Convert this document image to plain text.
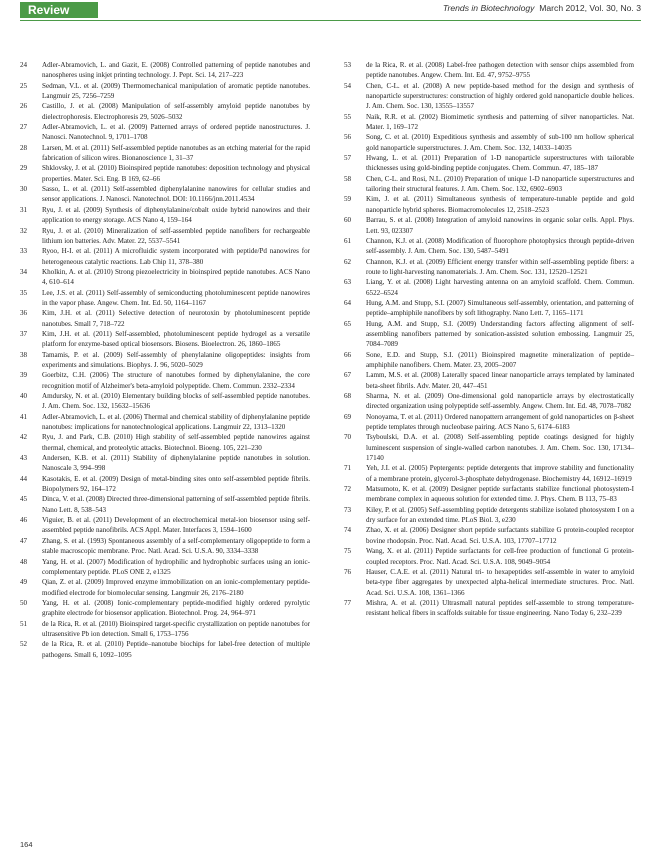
Review	Trends in Biotechnology March 2012, Vol. 30, No. 3

24	Adler-Abramovich, L. and Gazit, E. (2008) Controlled patterning of peptide nanotubes and nanospheres using inkjet printing technology. J. Pept. Sci. 14, 217–223

25	Sedman, V.L. et al. (2009) Thermomechanical manipulation of aromatic peptide nanotubes. Langmuir 25, 7256–7259

26	Castillo, J. et al. (2008) Manipulation of self-assembly amyloid peptide nanotubes by dielectrophoresis. Electrophoresis 29, 5026–5032

27	Adler-Abramovich, L. et al. (2009) Patterned arrays of ordered peptide nanostructures. J. Nanosci. Nanotechnol. 9, 1701–1708

28	Larsen, M. et al. (2011) Self-assembled peptide nanotubes as an etching material for the rapid fabrication of silicon wires. Bionanoscience 1, 31–37

29	Shklovsky, J. et al. (2010) Bioinspired peptide nanotubes: deposition technology and physical properties. Mater. Sci. Eng. B 169, 62–66

30	Sasso, L. et al. (2011) Self-assembled diphenylalanine nanowires for cellular studies and sensor applications. J. Nanosci. Nanotechnol. DOI: 10.1166/jnn.2011.4534

31	Ryu, J. et al. (2009) Synthesis of diphenylalanine/cobalt oxide hybrid nanowires and their application to energy storage. ACS Nano 4, 159–164

32	Ryu, J. et al. (2010) Mineralization of self-assembled peptide nanofibers for rechargeable lithium ion batteries. Adv. Mater. 22, 5537–5541

33	Ryoo, H-I. et al. (2011) A microfluidic system incorporated with peptide/Pd nanowires for heterogeneous catalytic reactions. Lab Chip 11, 378–380

34	Kholkin, A. et al. (2010) Strong piezoelectricity in bioinspired peptide nanotubes. ACS Nano 4, 610–614

35	Lee, J.S. et al. (2011) Self-assembly of semiconducting photoluminescent peptide nanowires in the vapor phase. Angew. Chem. Int. Ed. 50, 1164–1167

36	Kim, J.H. et al. (2011) Selective detection of neurotoxin by photoluminescent peptide nanotubes. Small 7, 718–722

37	Kim, J.H. et al. (2011) Self-assembled, photoluminescent peptide hydrogel as a versatile platform for enzyme-based optical biosensors. Biosens. Bioelectron. 26, 1860–1865

38	Tamamis, P. et al. (2009) Self-assembly of phenylalanine oligopeptides: insights from experiments and simulations. Biophys. J. 96, 5020–5029

39	Goerbitz, C.H. (2006) The structure of nanotubes formed by diphenylalanine, the core recognition motif of Alzheimer's beta-amyloid polypeptide. Chem. Commun. 2332–2334

40	Amdursky, N. et al. (2010) Elementary building blocks of self-assembled peptide nanotubes. J. Am. Chem. Soc. 132, 15632–15636

41	Adler-Abramovich, L. et al. (2006) Thermal and chemical stability of diphenylalanine peptide nanotubes: implications for nanotechnological applications. Langmuir 22, 1313–1320

42	Ryu, J. and Park, C.B. (2010) High stability of self-assembled peptide nanowires against thermal, chemical, and proteolytic attacks. Biotechnol. Bioeng. 105, 221–230

43	Andersen, K.B. et al. (2011) Stability of diphenylalanine peptide nanotubes in solution. Nanoscale 3, 994–998

44	Kasotakis, E. et al. (2009) Design of metal-binding sites onto self-assembled peptide fibrils. Biopolymers 92, 164–172

45	Dinca, V. et al. (2008) Directed three-dimensional patterning of self-assembled peptide fibrils. Nano Lett. 8, 538–543

46	Viguier, B. et al. (2011) Development of an electrochemical metal-ion biosensor using self-assembled peptide nanofibrils. ACS Appl. Mater. Interfaces 3, 1594–1600

47	Zhang, S. et al. (1993) Spontaneous assembly of a self-complementary oligopeptide to form a stable macroscopic membrane. Proc. Natl. Acad. Sci. U.S.A. 90, 3334–3338

48	Yang, H. et al. (2007) Modification of hydrophilic and hydrophobic surfaces using an ionic-complementary peptide. PLoS ONE 2, e1325

49	Qian, Z. et al. (2009) Improved enzyme immobilization on an ionic-complementary peptide-modified electrode for biomolecular sensing. Langmuir 26, 2176–2180

50	Yang, H. et al. (2008) Ionic-complementary peptide-modified highly ordered pyrolytic graphite electrode for biosensor application. Biotechnol. Prog. 24, 964–971

51	de la Rica, R. et al. (2010) Bioinspired target-specific crystallization on peptide nanotubes for ultrasensitive Pb ion detection. Small 6, 1753–1756

52	de la Rica, R. et al. (2010) Peptide–nanotube biochips for label-free detection of multiple pathogens. Small 6, 1092–1095

53	de la Rica, R. et al. (2008) Label-free pathogen detection with sensor chips assembled from peptide nanotubes. Angew. Chem. Int. Ed. 47, 9752–9755

54	Chen, C-L. et al. (2008) A new peptide-based method for the design and synthesis of nanoparticle superstructures: construction of highly ordered gold nanoparticle double helices. J. Am. Chem. Soc. 130, 13555–13557

55	Naik, R.R. et al. (2002) Biomimetic synthesis and patterning of silver nanoparticles. Nat. Mater. 1, 169–172

56	Song, C. et al. (2010) Expeditious synthesis and assembly of sub-100 nm hollow spherical gold nanoparticle superstructures. J. Am. Chem. Soc. 132, 14033–14035

57	Hwang, L. et al. (2011) Preparation of 1-D nanoparticle superstructures with tailorable thicknesses using gold-binding peptide conjugates. Chem. Commun. 47, 185–187

58	Chen, C-L. and Rosi, N.L. (2010) Preparation of unique 1-D nanoparticle superstructures and tailoring their structural features. J. Am. Chem. Soc. 132, 6902–6903

59	Kim, J. et al. (2011) Simultaneous synthesis of temperature-tunable peptide and gold nanoparticle hybrid spheres. Biomacromolecules 12, 2518–2523

60	Barrau, S. et al. (2008) Integration of amyloid nanowires in organic solar cells. Appl. Phys. Lett. 93, 023307

61	Channon, K.J. et al. (2008) Modification of fluorophore photophysics through peptide-driven self-assembly. J. Am. Chem. Soc. 130, 5487–5491

62	Channon, K.J. et al. (2009) Efficient energy transfer within self-assembling peptide fibers: a route to light-harvesting nanomaterials. J. Am. Chem. Soc. 131, 12520–12521

63	Liang, Y. et al. (2008) Light harvesting antenna on an amyloid scaffold. Chem. Commun. 6522–6524

64	Hung, A.M. and Stupp, S.I. (2007) Simultaneous self-assembly, orientation, and patterning of peptide–amphiphile nanofibers by soft lithography. Nano Lett. 7, 1165–1171

65	Hung, A.M. and Stupp, S.I. (2009) Understanding factors affecting alignment of self-assembling nanofibers patterned by sonication-assisted solution embossing. Langmuir 25, 7084–7089

66	Sone, E.D. and Stupp, S.I. (2011) Bioinspired magnetite mineralization of peptide–amphiphile nanofibers. Chem. Mater. 23, 2005–2007

67	Lamm, M.S. et al. (2008) Laterally spaced linear nanoparticle arrays templated by laminated beta-sheet fibrils. Adv. Mater. 20, 447–451

68	Sharma, N. et al. (2009) One-dimensional gold nanoparticle arrays by electrostatically directed organization using polypeptide self-assembly. Angew. Chem. Int. Ed. 48, 7078–7082

69	Nonoyama, T. et al. (2011) Ordered nanopattern arrangement of gold nanoparticles on β-sheet peptide templates through nucleobase pairing. ACS Nano 5, 6174–6183

70	Tsyboulski, D.A. et al. (2008) Self-assembling peptide coatings designed for highly luminescent suspension of single-walled carbon nanotubes. J. Am. Chem. Soc. 130, 17134–17140

71	Yeh, J.I. et al. (2005) Peptergents: peptide detergents that improve stability and functionality of a membrane protein, glycerol-3-phosphate dehydrogenase. Biochemistry 44, 16912–16919

72	Matsumoto, K. et al. (2009) Designer peptide surfactants stabilize functional photosystem-I membrane complex in aqueous solution for extended time. J. Phys. Chem. B 113, 75–83

73	Kiley, P. et al. (2005) Self-assembling peptide detergents stabilize isolated photosystem I on a dry surface for an extended time. PLoS Biol. 3, e230

74	Zhao, X. et al. (2006) Designer short peptide surfactants stabilize G protein-coupled receptor bovine rhodopsin. Proc. Natl. Acad. Sci. U.S.A. 103, 17707–17712

75	Wang, X. et al. (2011) Peptide surfactants for cell-free production of functional G protein-coupled receptors. Proc. Natl. Acad. Sci. U.S.A. 108, 9049–9054

76	Hauser, C.A.E. et al. (2011) Natural tri- to hexapeptides self-assemble in water to amyloid beta-type fiber aggregates by unexpected alpha-helical intermediate structures. Proc. Natl. Acad. Sci. U.S.A. 108, 1361–1366

77	Mishra, A. et al. (2011) Ultrasmall natural peptides self-assemble to strong temperature-resistant helical fibers in scaffolds suitable for tissue engineering. Nano Today 6, 232–239

164
